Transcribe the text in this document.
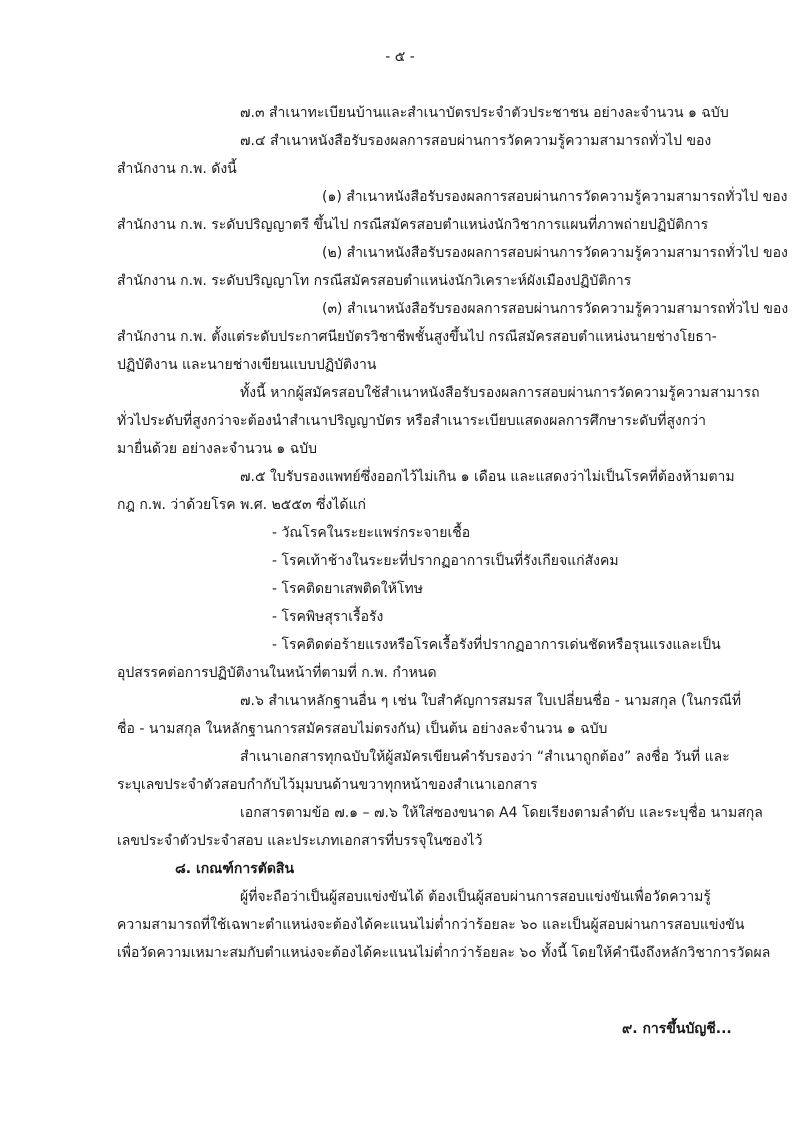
- ๕ -
๗.๓ สำเนาทะเบียนบ้านและสำเนาบัตรประจำตัวประชาชน อย่างละจำนวน ๑ ฉบับ
๗.๔ สำเนาหนังสือรับรองผลการสอบผ่านการวัดความรู้ความสามารถทั่วไป ของ
สำนักงาน ก.พ. ดังนี้
(๑) สำเนาหนังสือรับรองผลการสอบผ่านการวัดความรู้ความสามารถทั่วไป ของ
สำนักงาน ก.พ. ระดับปริญญาตรี ขึ้นไป กรณีสมัครสอบตำแหน่งนักวิชาการแผนที่ภาพถ่ายปฏิบัติการ
(๒) สำเนาหนังสือรับรองผลการสอบผ่านการวัดความรู้ความสามารถทั่วไป ของ
สำนักงาน ก.พ. ระดับปริญญาโท กรณีสมัครสอบตำแหน่งนักวิเคราะห์ผังเมืองปฏิบัติการ
(๓) สำเนาหนังสือรับรองผลการสอบผ่านการวัดความรู้ความสามารถทั่วไป ของ
สำนักงาน ก.พ. ตั้งแต่ระดับประกาศนียบัตรวิชาชีพชั้นสูงขึ้นไป กรณีสมัครสอบตำแหน่งนายช่างโยธา-
ปฏิบัติงาน และนายช่างเขียนแบบปฏิบัติงาน
ทั้งนี้ หากผู้สมัครสอบใช้สำเนาหนังสือรับรองผลการสอบผ่านการวัดความรู้ความสามารถ
ทั่วไประดับที่สูงกว่าจะต้องนำสำเนาปริญญาบัตร หรือสำเนาระเบียบแสดงผลการศึกษาระดับที่สูงกว่า
มายื่นด้วย อย่างละจำนวน ๑ ฉบับ
๗.๕ ใบรับรองแพทย์ซึ่งออกไว้ไม่เกิน ๑ เดือน และแสดงว่าไม่เป็นโรคที่ต้องห้ามตาม
กฎ ก.พ. ว่าด้วยโรค พ.ศ. ๒๕๕๓ ซึ่งได้แก่
- วัณโรคในระยะแพร่กระจายเชื้อ
- โรคเท้าช้างในระยะที่ปรากฏอาการเป็นที่รังเกียจแก่สังคม
- โรคติดยาเสพติดให้โทษ
- โรคพิษสุราเรื้อรัง
- โรคติดต่อร้ายแรงหรือโรคเรื้อรังที่ปรากฏอาการเด่นชัดหรือรุนแรงและเป็น
อุปสรรคต่อการปฏิบัติงานในหน้าที่ตามที่ ก.พ. กำหนด
๗.๖ สำเนาหลักฐานอื่น ๆ เช่น ใบสำคัญการสมรส ใบเปลี่ยนชื่อ - นามสกุล (ในกรณีที่
ชื่อ - นามสกุล ในหลักฐานการสมัครสอบไม่ตรงกัน) เป็นต้น อย่างละจำนวน ๑ ฉบับ
สำเนาเอกสารทุกฉบับให้ผู้สมัครเขียนคำรับรองว่า “สำเนาถูกต้อง” ลงชื่อ วันที่ และ
ระบุเลขประจำตัวสอบกำกับไว้มุมบนด้านขวาทุกหน้าของสำเนาเอกสาร
เอกสารตามข้อ ๗.๑ – ๗.๖ ให้ใส่ซองขนาด A4 โดยเรียงตามลำดับ และระบุชื่อ นามสกุล
เลขประจำตัวประจำสอบ และประเภทเอกสารที่บรรจุในซองไว้
๘. เกณฑ์การตัดสิน
ผู้ที่จะถือว่าเป็นผู้สอบแข่งขันได้ ต้องเป็นผู้สอบผ่านการสอบแข่งขันเพื่อวัดความรู้
ความสามารถที่ใช้เฉพาะตำแหน่งจะต้องได้คะแนนไม่ต่ำกว่าร้อยละ ๖๐ และเป็นผู้สอบผ่านการสอบแข่งขัน
เพื่อวัดความเหมาะสมกับตำแหน่งจะต้องได้คะแนนไม่ต่ำกว่าร้อยละ ๖๐ ทั้งนี้ โดยให้คำนึงถึงหลักวิชาการวัดผล
๙. การขึ้นบัญชี...
